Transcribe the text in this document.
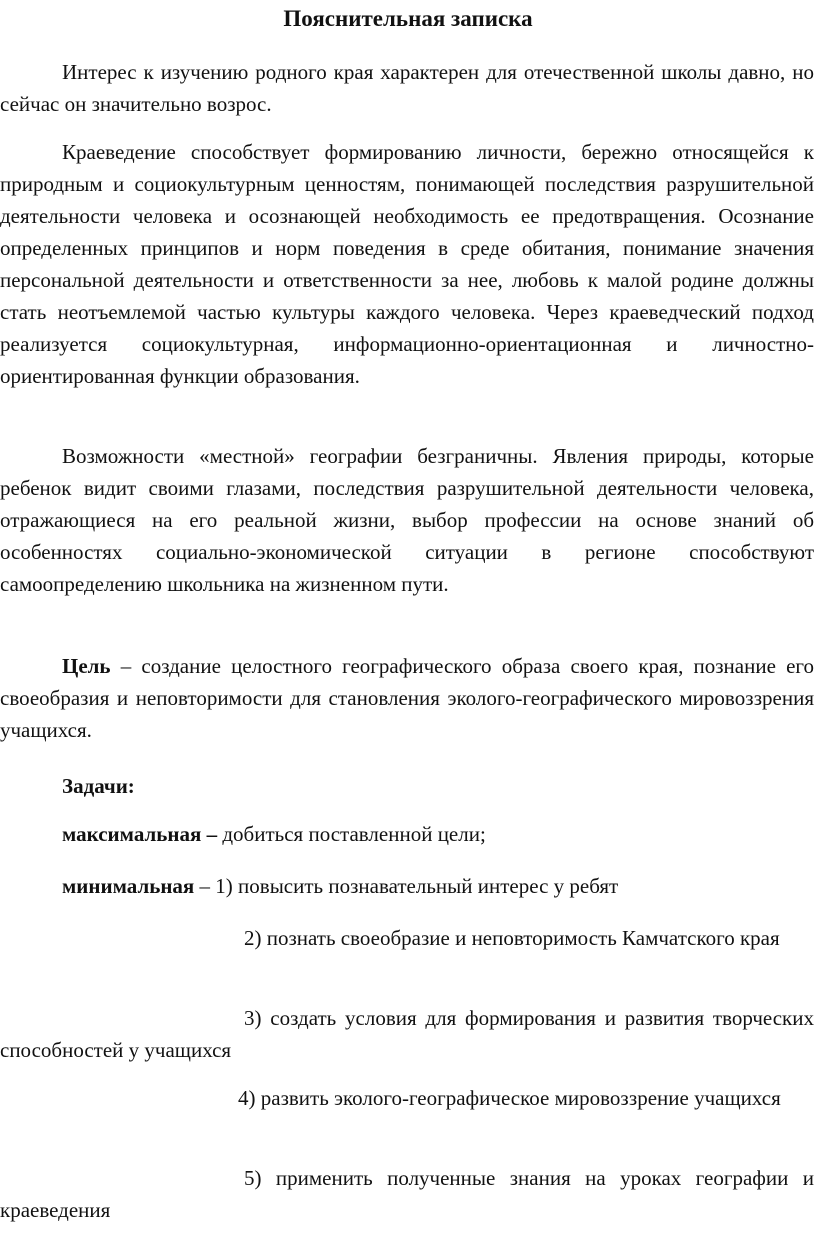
Пояснительная записка

Интерес к изучению родного края характерен для отечественной школы давно, но сейчас он значительно возрос.

Краеведение способствует формированию личности, бережно относящейся к природным и социокультурным ценностям, понимающей последствия разрушительной деятельности человека и осознающей необходимость ее предотвращения. Осознание определенных принципов и норм поведения в среде обитания, понимание значения персональной деятельности и ответственности за нее, любовь к малой родине должны стать неотъемлемой частью культуры каждого человека. Через краеведческий подход реализуется социокультурная, информационно-ориентационная и личностно-ориентированная функции образования.

Возможности «местной» географии безграничны. Явления природы, которые ребенок видит своими глазами, последствия разрушительной деятельности человека, отражающиеся на его реальной жизни, выбор профессии на основе знаний об особенностях социально-экономической ситуации в регионе способствуют самоопределению школьника на жизненном пути.

Цель – создание целостного географического образа своего края, познание его своеобразия и неповторимости для становления эколого-географического мировоззрения учащихся.

Задачи:

максимальная – добиться поставленной цели;

минимальная – 1) повысить познавательный интерес у ребят

2) познать своеобразие и неповторимость Камчатского края

3) создать условия для формирования и развития творческих способностей у учащихся

4) развить эколого-географическое мировоззрение учащихся

5) применить полученные знания на уроках географии и краеведения
